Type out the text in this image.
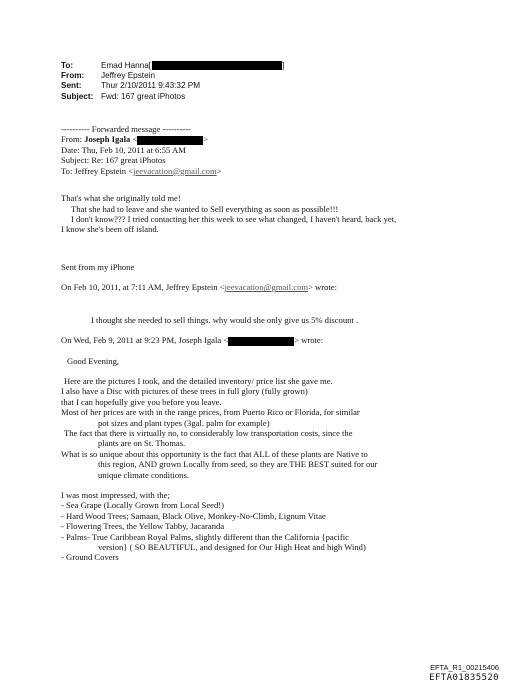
To:	Emad Hanna[	]
From:	Jeffrey Epstein
Sent:	Thur 2/10/2011 9:43:32 PM
Subject: Fwd: 167 great iPhotos
---------- Forwarded message ----------
From: Joseph Igala <	>
Date: Thu, Feb 10, 2011 at 6:55 AM
Subject: Re: 167 great iPhotos
To: Jeffrey Epstein <jeevacation@gmail.com>
That's what she originally told me!
That she had to leave and she wanted to Sell everything as soon as possible!!!
I don't know??? I tried contacting her this week to see what changed, I haven't heard, back yet,
I know she's been off island.
Sent from my iPhone
On Feb 10, 2011, at 7:11 AM, Jeffrey Epstein <jeevacation@gmail.com> wrote:
I thought she needed to sell things. why would she only give us 5% discount .
On Wed, Feb 9, 2011 at 9:23 PM, Joseph Igala <	> wrote:
Good Evening,
Here are the pictures I took, and the detailed inventory/ price list she gave me.
I also have a Disc with pictures of these trees in full glory (fully grown)
that I can hopefully give you before you leave.
Most of her prices are with in the range prices, from Puerto Rico or Florida, for similar
pot sizes and plant types (3gal. palm for example)
The fact that there is virtually no, to considerably low transportation costs, since the
plants are on St. Thomas.
What is so unique about this opportunity is the fact that ALL of these plants are Native to
this region, AND grown Locally from seed, so they are THE BEST suited for our
unique climate conditions.
I was most impressed, with the;
- Sea Grape (Locally Grown from Local Seed!)
- Hard Wood Trees; Samaan, Black Olive, Monkey-No-Climb, Lignum Vitae
- Flowering Trees, the Yellow Tabby, Jacaranda
- Palms- True Caribbean Royal Palms, slightly different than the California {pacific
version} ( SO BEAUTIFUL, and designed for Our High Heat and high Wind)
- Ground Covers
EFTA_R1_00215406
EFTA01835520
